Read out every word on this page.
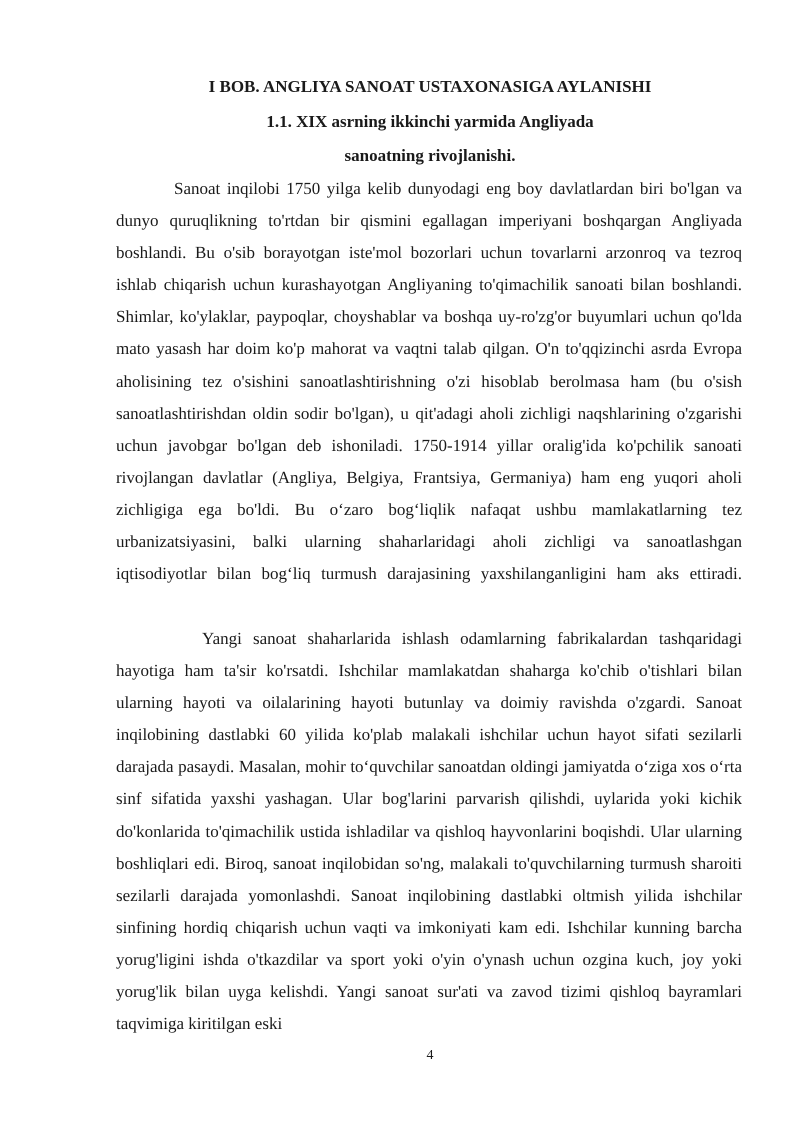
I BOB. ANGLIYA SANOAT USTAXONASIGA AYLANISHI
1.1. XIX asrning ikkinchi yarmida Angliyada
sanoatning rivojlanishi.

Sanoat inqilobi 1750 yilga kelib dunyodagi eng boy davlatlardan biri bo'lgan va dunyo quruqlikning to'rtdan bir qismini egallagan imperiyani boshqargan Angliyada boshlandi. Bu o'sib borayotgan iste'mol bozorlari uchun tovarlarni arzonroq va tezroq ishlab chiqarish uchun kurashayotgan Angliyaning to'qimachilik sanoati bilan boshlandi. Shimlar, ko'ylaklar, paypoqlar, choyshablar va boshqa uy-ro'zg'or buyumlari uchun qo'lda mato yasash har doim ko'p mahorat va vaqtni talab qilgan. O'n to'qqizinchi asrda Evropa aholisining tez o'sishini sanoatlashtirishning o'zi hisoblab berolmasa ham (bu o'sish sanoatlashtirishdan oldin sodir bo'lgan), u qit'adagi aholi zichligi naqshlarining o'zgarishi uchun javobgar bo'lgan deb ishoniladi. 1750-1914 yillar oralig'ida ko'pchilik sanoati rivojlangan davlatlar (Angliya, Belgiya, Frantsiya, Germaniya) ham eng yuqori aholi zichligiga ega bo'ldi. Bu o‘zaro bog‘liqlik nafaqat ushbu mamlakatlarning tez urbanizatsiyasini, balki ularning shaharlaridagi aholi zichligi va sanoatlashgan iqtisodiyotlar bilan bog‘liq turmush darajasining yaxshilanganligini ham aks ettiradi.

Yangi sanoat shaharlarida ishlash odamlarning fabrikalardan tashqaridagi hayotiga ham ta'sir ko'rsatdi. Ishchilar mamlakatdan shaharga ko'chib o'tishlari bilan ularning hayoti va oilalarining hayoti butunlay va doimiy ravishda o'zgardi. Sanoat inqilobining dastlabki 60 yilida ko'plab malakali ishchilar uchun hayot sifati sezilarli darajada pasaydi. Masalan, mohir to‘quvchilar sanoatdan oldingi jamiyatda o‘ziga xos o‘rta sinf sifatida yaxshi yashagan. Ular bog'larini parvarish qilishdi, uylarida yoki kichik do'konlarida to'qimachilik ustida ishladilar va qishloq hayvonlarini boqishdi. Ular ularning boshliqlari edi. Biroq, sanoat inqilobidan so'ng, malakali to'quvchilarning turmush sharoiti sezilarli darajada yomonlashdi. Sanoat inqilobining dastlabki oltmish yilida ishchilar sinfining hordiq chiqarish uchun vaqti va imkoniyati kam edi. Ishchilar kunning barcha yorug'ligini ishda o'tkazdilar va sport yoki o'yin o'ynash uchun ozgina kuch, joy yoki yorug'lik bilan uyga kelishdi. Yangi sanoat sur'ati va zavod tizimi qishloq bayramlari taqvimiga kiritilgan eski

4
